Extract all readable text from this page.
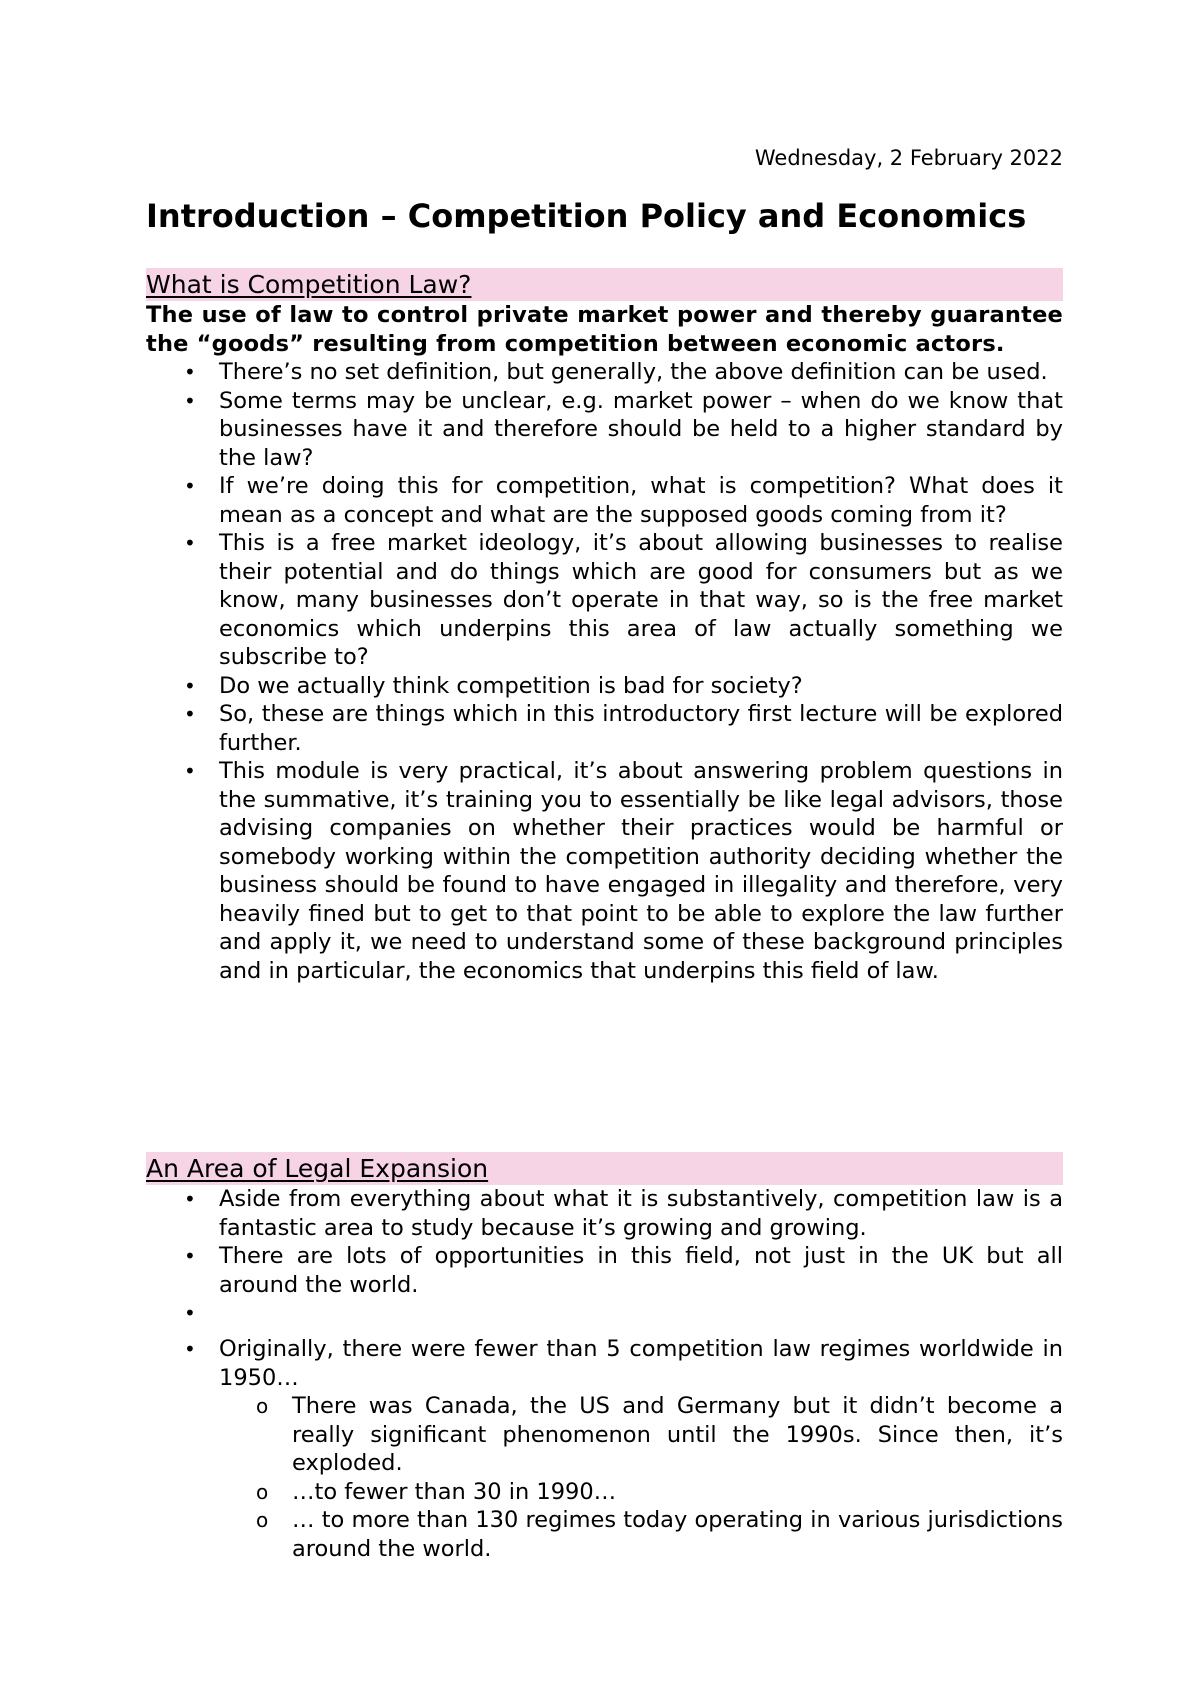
Wednesday, 2 February 2022
Introduction – Competition Policy and Economics
What is Competition Law?
The use of law to control private market power and thereby guarantee the “goods” resulting from competition between economic actors.
• There’s no set definition, but generally, the above definition can be used.
• Some terms may be unclear, e.g. market power – when do we know that businesses have it and therefore should be held to a higher standard by the law?
• If we’re doing this for competition, what is competition? What does it mean as a concept and what are the supposed goods coming from it?
• This is a free market ideology, it’s about allowing businesses to realise their potential and do things which are good for consumers but as we know, many businesses don’t operate in that way, so is the free market economics which underpins this area of law actually something we subscribe to?
• Do we actually think competition is bad for society?
• So, these are things which in this introductory first lecture will be explored further.
• This module is very practical, it’s about answering problem questions in the summative, it’s training you to essentially be like legal advisors, those advising companies on whether their practices would be harmful or somebody working within the competition authority deciding whether the business should be found to have engaged in illegality and therefore, very heavily fined but to get to that point to be able to explore the law further and apply it, we need to understand some of these background principles and in particular, the economics that underpins this field of law.
An Area of Legal Expansion
• Aside from everything about what it is substantively, competition law is a fantastic area to study because it’s growing and growing.
• There are lots of opportunities in this field, not just in the UK but all around the world.
•
• Originally, there were fewer than 5 competition law regimes worldwide in 1950…
o There was Canada, the US and Germany but it didn’t become a really significant phenomenon until the 1990s. Since then, it’s exploded.
o …to fewer than 30 in 1990…
o … to more than 130 regimes today operating in various jurisdictions around the world.
